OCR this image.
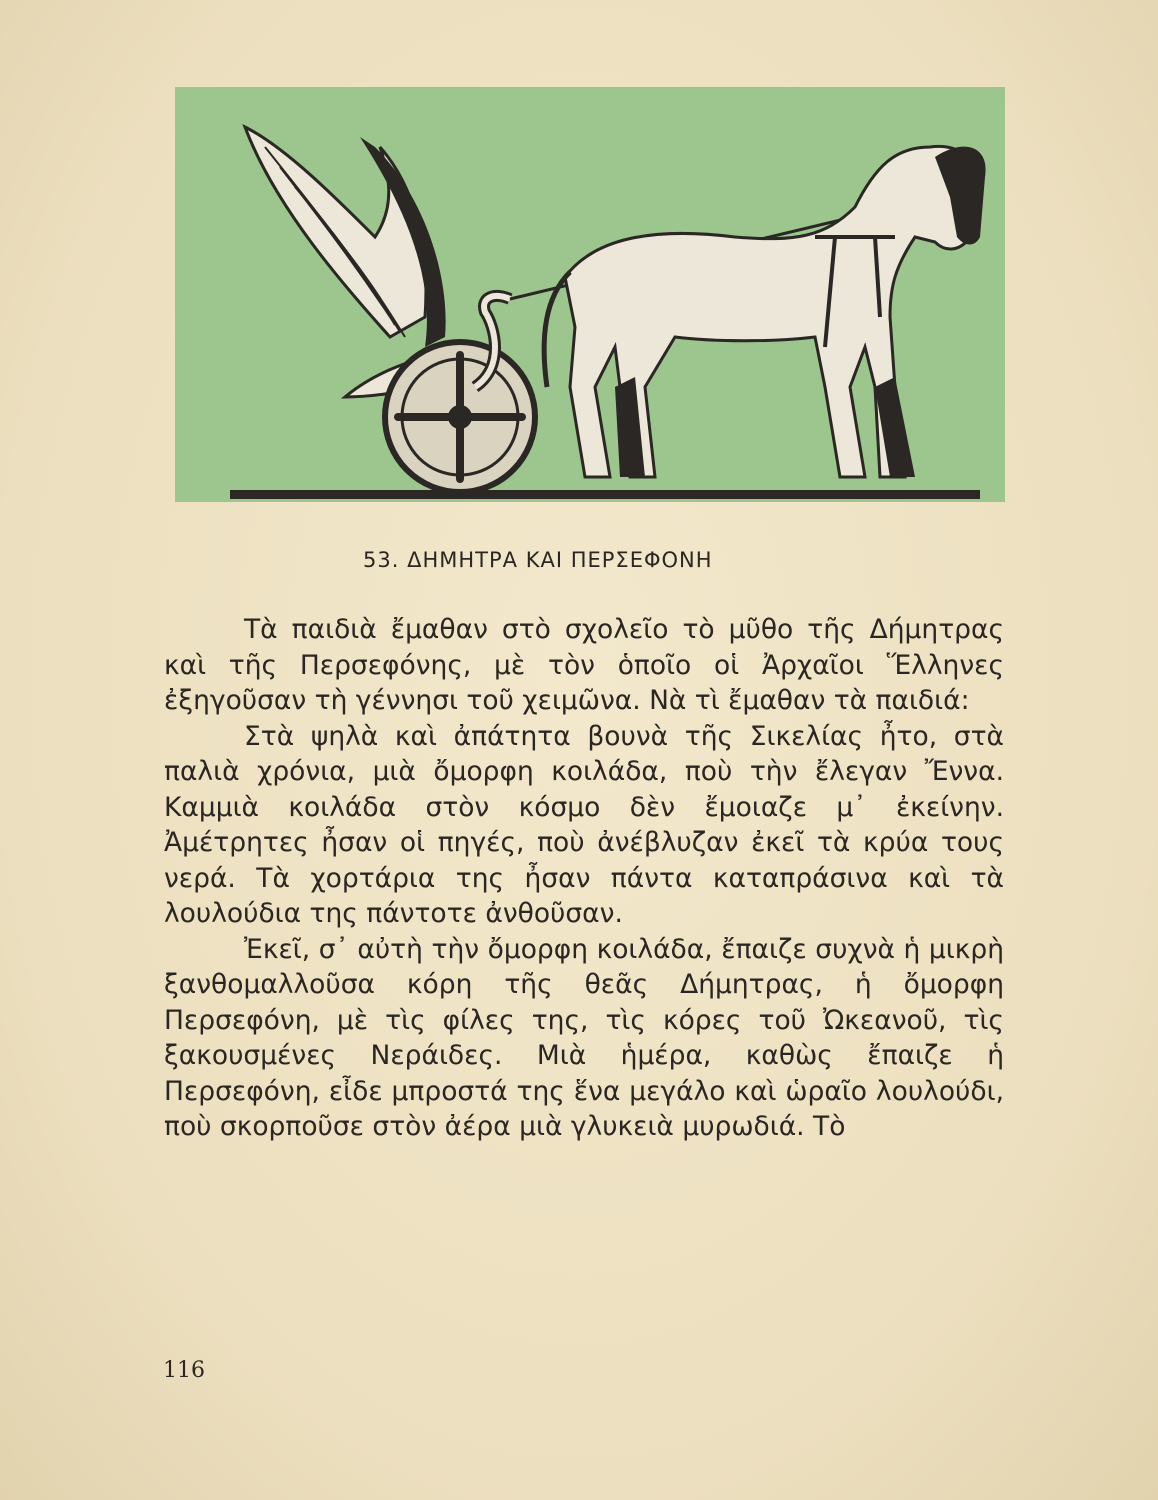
53. ΔΗΜΗΤΡΑ ΚΑΙ ΠΕΡΣΕΦΟΝΗ

Τὰ παιδιὰ ἔμαθαν στὸ σχολεῖο τὸ μῦθο τῆς Δήμητρας καὶ τῆς Περσεφόνης, μὲ τὸν ὁποῖο οἱ Ἀρχαῖοι Ἕλληνες ἐξηγοῦσαν τὴ γέννησι τοῦ χειμῶνα. Νὰ τὶ ἔμαθαν τὰ παιδιά:

Στὰ ψηλὰ καὶ ἀπάτητα βουνὰ τῆς Σικελίας ἦτο, στὰ παλιὰ χρόνια, μιὰ ὄμορφη κοιλάδα, ποὺ τὴν ἔλεγαν Ἔννα. Καμμιὰ κοιλάδα στὸν κόσμο δὲν ἔμοιαζε μ᾽ ἐκείνην. Ἀμέτρητες ἦσαν οἱ πηγές, ποὺ ἀνέβλυζαν ἐκεῖ τὰ κρύα τους νερά. Τὰ χορτάρια της ἦσαν πάντα καταπράσινα καὶ τὰ λουλούδια της πάντοτε ἀνθοῦσαν.

Ἐκεῖ, σ᾽ αὐτὴ τὴν ὄμορφη κοιλάδα, ἔπαιζε συχνὰ ἡ μικρὴ ξανθομαλλοῦσα κόρη τῆς θεᾶς Δήμητρας, ἡ ὄμορφη Περσεφόνη, μὲ τὶς φίλες της, τὶς κόρες τοῦ Ὠκεανοῦ, τὶς ξακουσμένες Νεράιδες. Μιὰ ἡμέρα, καθὼς ἔπαιζε ἡ Περσεφόνη, εἶδε μπροστά της ἕνα μεγάλο καὶ ὡραῖο λουλούδι, ποὺ σκορποῦσε στὸν ἀέρα μιὰ γλυκειὰ μυρωδιά. Τὸ

116
